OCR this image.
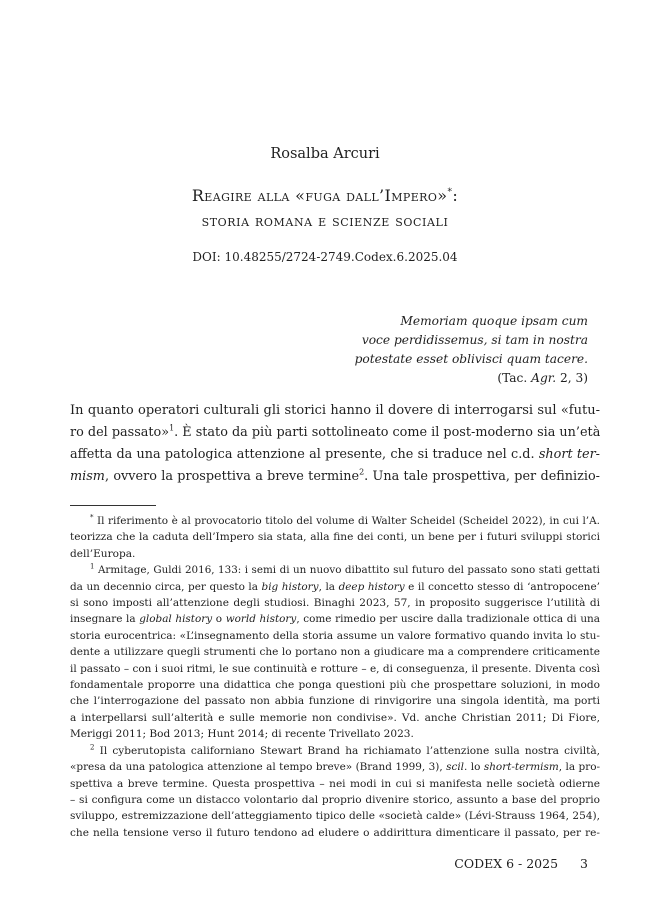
Rosalba Arcuri
Reagire alla «fuga dall’Impero»*:
storia romana e scienze sociali
DOI: 10.48255/2724-2749.Codex.6.2025.04
Memoriam quoque ipsam cum
voce perdidissemus, si tam in nostra
potestate esset oblivisci quam tacere.
(Tac. Agr. 2, 3)
In quanto operatori culturali gli storici hanno il dovere di interrogarsi sul «futu-
ro del passato»$^1$. È stato da più parti sottolineato come il post-moderno sia un’età
affetta da una patologica attenzione al presente, che si traduce nel c.d. short ter-
mism, ovvero la prospettiva a breve termine$^2$. Una tale prospettiva, per definizio-
* Il riferimento è al provocatorio titolo del volume di Walter Scheidel (Scheidel 2022), in cui l’A.
teorizza che la caduta dell’Impero sia stata, alla fine dei conti, un bene per i futuri sviluppi storici
dell’Europa.
$^1$ Armitage, Guldi 2016, 133: i semi di un nuovo dibattito sul futuro del passato sono stati gettati
da un decennio circa, per questo la big history, la deep history e il concetto stesso di ‘antropocene’
si sono imposti all’attenzione degli studiosi. Binaghi 2023, 57, in proposito suggerisce l’utilità di
insegnare la global history o world history, come rimedio per uscire dalla tradizionale ottica di una
storia eurocentrica: «L’insegnamento della storia assume un valore formativo quando invita lo stu-
dente a utilizzare quegli strumenti che lo portano non a giudicare ma a comprendere criticamente
il passato – con i suoi ritmi, le sue continuità e rotture – e, di conseguenza, il presente. Diventa così
fondamentale proporre una didattica che ponga questioni più che prospettare soluzioni, in modo
che l’interrogazione del passato non abbia funzione di rinvigorire una singola identità, ma porti
a interpellarsi sull’alterità e sulle memorie non condivise». Vd. anche Christian 2011; Di Fiore,
Meriggi 2011; Bod 2013; Hunt 2014; di recente Trivellato 2023.
$^2$ Il cyberutopista californiano Stewart Brand ha richiamato l’attenzione sulla nostra civiltà,
«presa da una patologica attenzione al tempo breve» (Brand 1999, 3), scil. lo short-termism, la pro-
spettiva a breve termine. Questa prospettiva – nei modi in cui si manifesta nelle società odierne
– si configura come un distacco volontario dal proprio divenire storico, assunto a base del proprio
sviluppo, estremizzazione dell’atteggiamento tipico delle «società calde» (Lévi-Strauss 1964, 254),
che nella tensione verso il futuro tendono ad eludere o addirittura dimenticare il passato, per re-
CODEX 6 - 2025 3
